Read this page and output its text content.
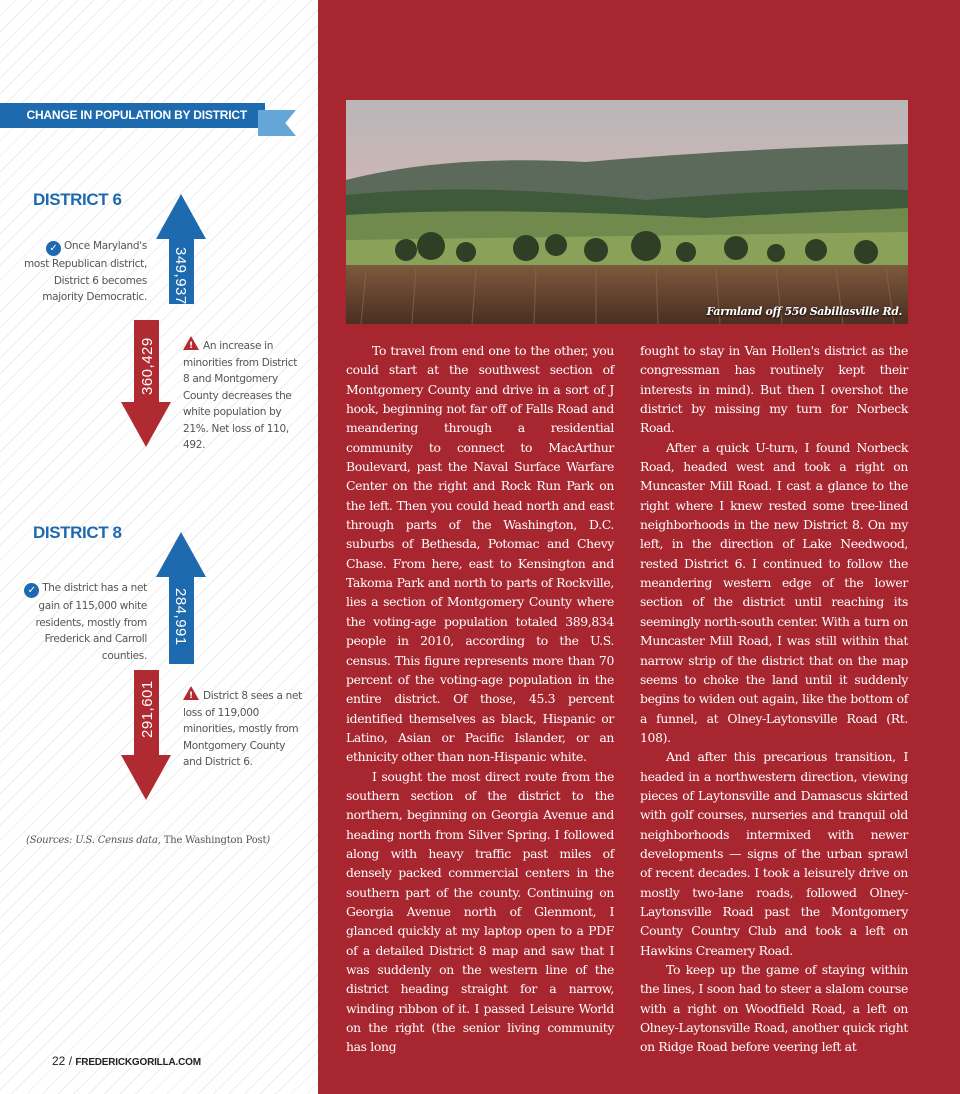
CHANGE IN POPULATION BY DISTRICT
DISTRICT 6
✓ Once Maryland's most Republican district, District 6 becomes majority Democratic. 349,937
360,429 !	An increase in minorities from District 8 and Montgomery County decreases the white population by 21%. Net loss of 110, 492.
DISTRICT 8
✓ The district has a net gain of 115,000 white residents, mostly from Frederick and Carroll counties.
284,991
291,601 !	District 8 sees a net loss of 119,000 minorities, mostly from Montgomery County and District 6.
(Sources: U.S. Census data, The Washington Post)
22 / FREDERICKGORILLA.COM
Farmland off 550 Sabillasville Rd.

To travel from end one to the other, you could start at the southwest section of Montgomery County and drive in a sort of J hook, beginning not far off of Falls Road and meandering through a residential community to connect to MacArthur Boulevard, past the Naval Surface Warfare Center on the right and Rock Run Park on the left. Then you could head north and east through parts of the Washington, D.C. suburbs of Bethesda, Potomac and Chevy Chase. From here, east to Kensington and Takoma Park and north to parts of Rockville, lies a section of Montgomery County where the voting-age population totaled 389,834 people in 2010, according to the U.S. census. This figure represents more than 70 percent of the voting-age population in the entire district. Of those, 45.3 percent identified themselves as black, Hispanic or Latino, Asian or Pacific Islander, or an ethnicity other than non-Hispanic white.

I sought the most direct route from the southern section of the district to the northern, beginning on Georgia Avenue and heading north from Silver Spring. I followed along with heavy traffic past miles of densely packed commercial centers in the southern part of the county. Continuing on Georgia Avenue north of Glenmont, I glanced quickly at my laptop open to a PDF of a detailed District 8 map and saw that I was suddenly on the western line of the district heading straight for a narrow, winding ribbon of it. I passed Leisure World on the right (the senior living community has long

fought to stay in Van Hollen's district as the congressman has routinely kept their interests in mind). But then I overshot the district by missing my turn for Norbeck Road.

After a quick U-turn, I found Norbeck Road, headed west and took a right on Muncaster Mill Road. I cast a glance to the right where I knew rested some tree-lined neighborhoods in the new District 8. On my left, in the direction of Lake Needwood, rested District 6. I continued to follow the meandering western edge of the lower section of the district until reaching its seemingly north-south center. With a turn on Muncaster Mill Road, I was still within that narrow strip of the district that on the map seems to choke the land until it suddenly begins to widen out again, like the bottom of a funnel, at Olney-Laytonsville Road (Rt. 108).

And after this precarious transition, I headed in a northwestern direction, viewing pieces of Laytonsville and Damascus skirted with golf courses, nurseries and tranquil old neighborhoods intermixed with newer developments — signs of the urban sprawl of recent decades. I took a leisurely drive on mostly two-lane roads, followed Olney-Laytonsville Road past the Montgomery County Country Club and took a left on Hawkins Creamery Road.

To keep up the game of staying within the lines, I soon had to steer a slalom course with a right on Woodfield Road, a left on Olney-Laytonsville Road, another quick right on Ridge Road before veering left at
